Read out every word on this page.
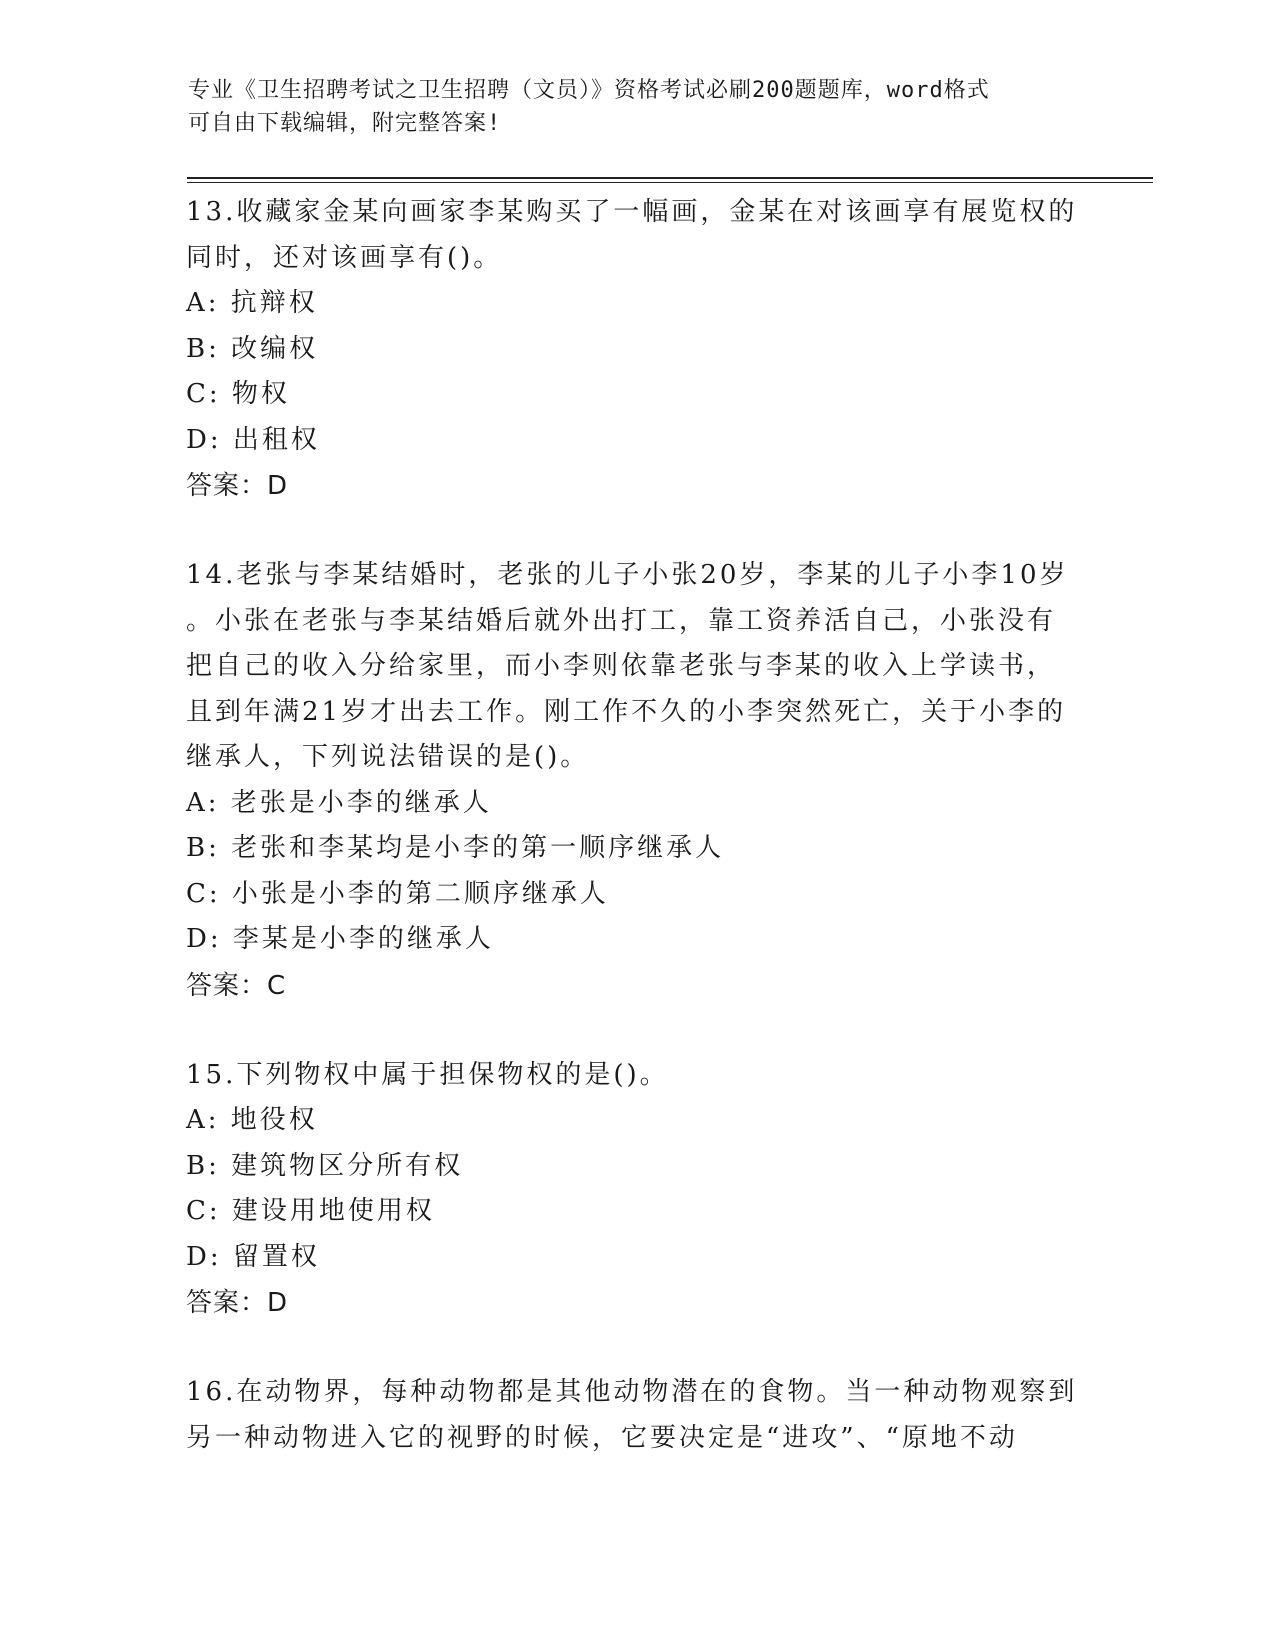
专业《卫生招聘考试之卫生招聘（文员）》资格考试必刷200题题库，word格式
可自由下载编辑，附完整答案!
13.收藏家金某向画家李某购买了一幅画，金某在对该画享有展览权的
同时，还对该画享有()。
A: 抗辩权
B: 改编权
C: 物权
D: 出租权
答案：D
14.老张与李某结婚时，老张的儿子小张20岁，李某的儿子小李10岁
。小张在老张与李某结婚后就外出打工，靠工资养活自己，小张没有
把自己的收入分给家里，而小李则依靠老张与李某的收入上学读书，
且到年满21岁才出去工作。刚工作不久的小李突然死亡，关于小李的
继承人，下列说法错误的是()。
A: 老张是小李的继承人
B: 老张和李某均是小李的第一顺序继承人
C: 小张是小李的第二顺序继承人
D: 李某是小李的继承人
答案：C
15.下列物权中属于担保物权的是()。
A: 地役权
B: 建筑物区分所有权
C: 建设用地使用权
D: 留置权
答案：D
16.在动物界，每种动物都是其他动物潜在的食物。当一种动物观察到
另一种动物进入它的视野的时候，它要决定是“进攻”、“原地不动
